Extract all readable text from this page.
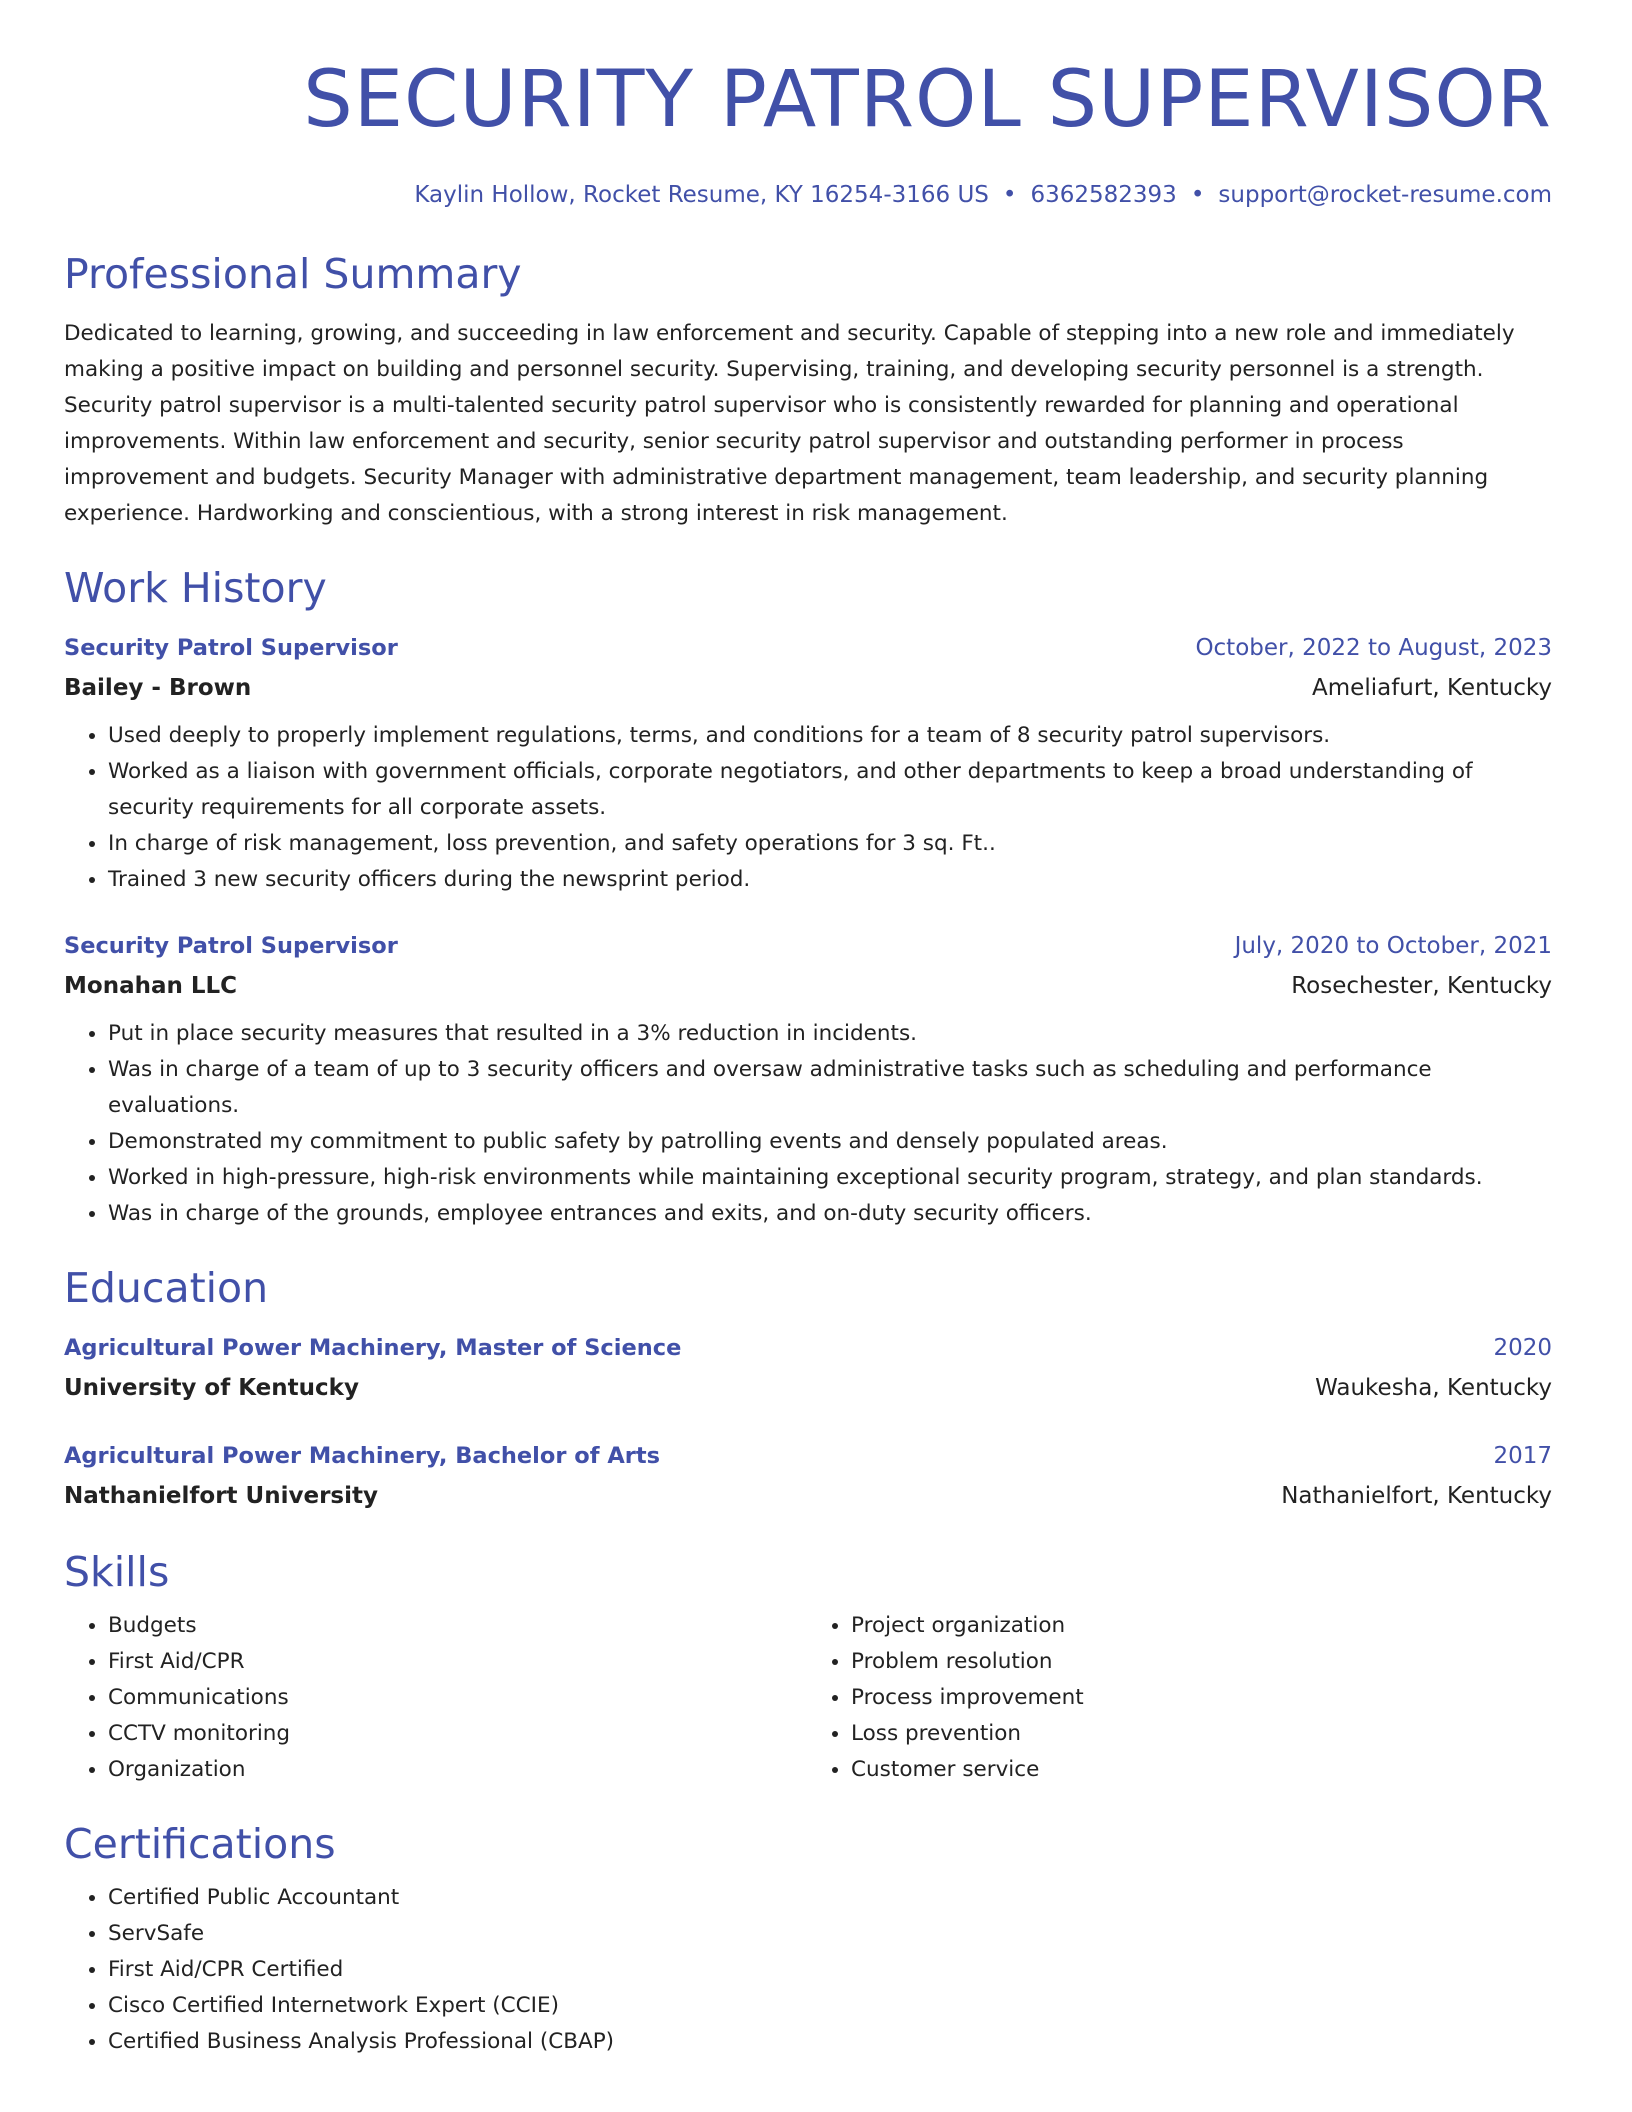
SECURITY PATROL SUPERVISOR
Kaylin Hollow, Rocket Resume, KY 16254-3166 US • 6362582393 • support@rocket-resume.com
Professional Summary
Dedicated to learning, growing, and succeeding in law enforcement and security. Capable of stepping into a new role and immediately making a positive impact on building and personnel security. Supervising, training, and developing security personnel is a strength. Security patrol supervisor is a multi-talented security patrol supervisor who is consistently rewarded for planning and operational improvements. Within law enforcement and security, senior security patrol supervisor and outstanding performer in process improvement and budgets. Security Manager with administrative department management, team leadership, and security planning experience. Hardworking and conscientious, with a strong interest in risk management.
Work History
Security Patrol Supervisor	October, 2022 to August, 2023
Bailey - Brown	Ameliafurt, Kentucky
• Used deeply to properly implement regulations, terms, and conditions for a team of 8 security patrol supervisors.
• Worked as a liaison with government officials, corporate negotiators, and other departments to keep a broad understanding of security requirements for all corporate assets.
• In charge of risk management, loss prevention, and safety operations for 3 sq. Ft..
• Trained 3 new security officers during the newsprint period.
Security Patrol Supervisor	July, 2020 to October, 2021
Monahan LLC	Rosechester, Kentucky
• Put in place security measures that resulted in a 3% reduction in incidents.
• Was in charge of a team of up to 3 security officers and oversaw administrative tasks such as scheduling and performance evaluations.
• Demonstrated my commitment to public safety by patrolling events and densely populated areas.
• Worked in high-pressure, high-risk environments while maintaining exceptional security program, strategy, and plan standards.
• Was in charge of the grounds, employee entrances and exits, and on-duty security officers.
Education
Agricultural Power Machinery, Master of Science	2020
University of Kentucky	Waukesha, Kentucky
Agricultural Power Machinery, Bachelor of Arts	2017
Nathanielfort University	Nathanielfort, Kentucky
Skills
• Budgets
• First Aid/CPR
• Communications
• CCTV monitoring
• Organization
• Project organization
• Problem resolution
• Process improvement
• Loss prevention
• Customer service
Certifications
• Certified Public Accountant
• ServSafe
• First Aid/CPR Certified
• Cisco Certified Internetwork Expert (CCIE)
• Certified Business Analysis Professional (CBAP)
